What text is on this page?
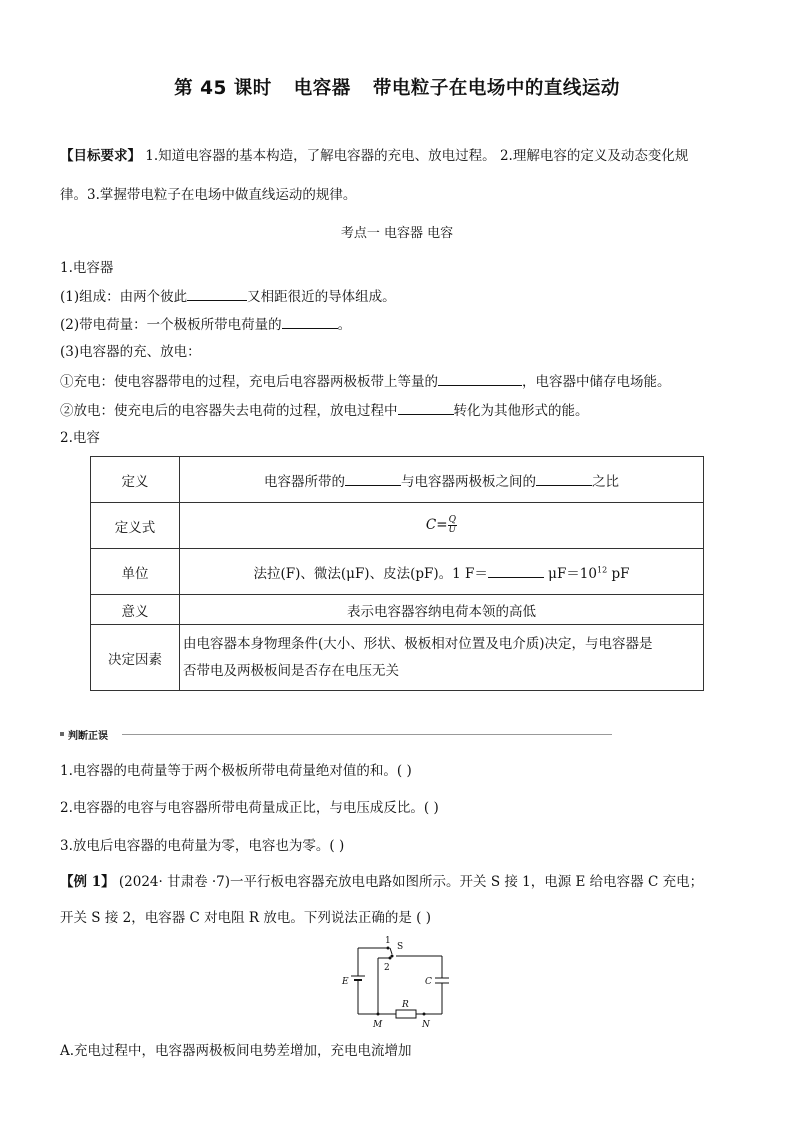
第 45 课时 电容器 带电粒子在电场中的直线运动
【目标要求】 1.知道电容器的基本构造，了解电容器的充电、放电过程。 2.理解电容的定义及动态变化规
律。3.掌握带电粒子在电场中做直线运动的规律。
考点一 电容器 电容
1.电容器
(1)组成：由两个彼此	又相距很近的导体组成。
(2)带电荷量：一个极板所带电荷量的	。
(3)电容器的充、放电：
①充电：使电容器带电的过程，充电后电容器两极板带上等量的	，电容器中储存电场能。
②放电：使充电后的电容器失去电荷的过程，放电过程中	转化为其他形式的能。
2.电容
定义	电容器所带的 与电容器两极板之间的 之比
定义式	$C= \frac{Q}{U}$

单位	法拉(F)、微法(μF)、皮法(pF)。1 $F= \mu F=10^{12}$ pF
意义	表示电容器容纳电荷本领的高低
决定因素	由电容器本身物理条件(大小、形状、极板相对位置及电介质)决定，与电容器是
否带电及两极板间是否存在电压无关
判断正误
1.电容器的电荷量等于两个极板所带电荷量绝对值的和。( )
2.电容器的电容与电容器所带电荷量成正比，与电压成反比。( )
3.放电后电容器的电荷量为零，电容也为零。( )
【例 1】 (2024· 甘肃卷 ·7)一平行板电容器充放电电路如图所示。开关 S 接 1，电源 E 给电容器 C 充电；
开关 S 接 2，电容器 C 对电阻 R 放电。下列说法正确的是 ( )
1
S
2
E	C
R
M	N
A.充电过程中，电容器两极板间电势差增加，充电电流增加
